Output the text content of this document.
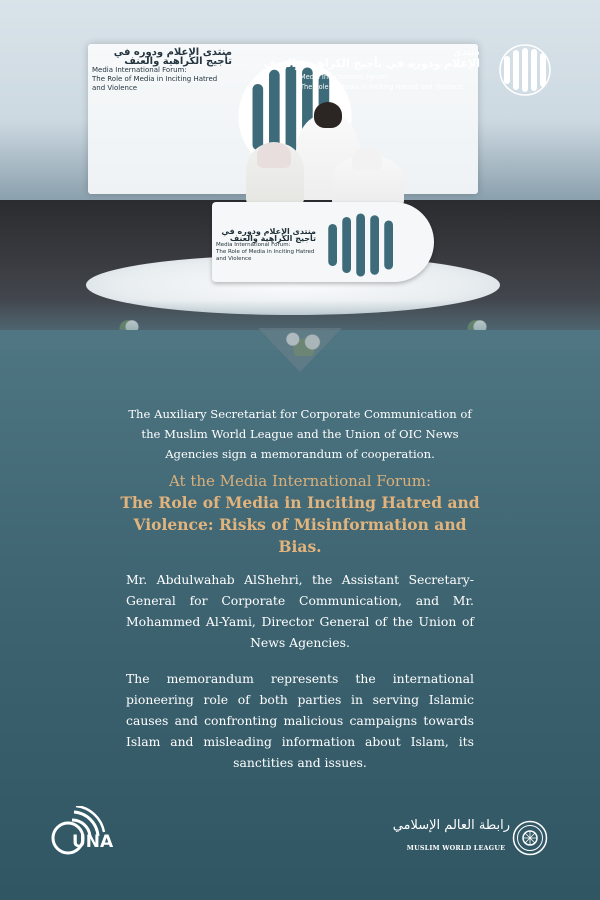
منتدى الإعلام ودوره في تأجيج الكراهية والعنف
Media International Forum:
The Role of Media in Inciting Hatred and Violence
منتدى الإعلام ودوره في تأجيج الكراهية والعنف
Media International Forum:
The Role of Media in Inciting Hatred and Violence
منتدى
الإعلام ودوره في تأجيج الكراهية والعنف
Media International Forum:
The Role of Media in Inciting Hatred and Violence
The Auxiliary Secretariat for Corporate Communication of the Muslim World League and the Union of OIC News Agencies sign a memorandum of cooperation.
At the Media International Forum:
The Role of Media in Inciting Hatred and Violence: Risks of Misinformation and Bias.
Mr. Abdulwahab AlShehri, the Assistant Secretary-General for Corporate Communication, and Mr. Mohammed Al-Yami, Director General of the Union of News Agencies.
The memorandum represents the international pioneering role of both parties in serving Islamic causes and confronting malicious campaigns towards Islam and misleading information about Islam, its sanctities and issues.
UNA
رابطة العالم الإسلامي
MUSLIM WORLD LEAGUE
